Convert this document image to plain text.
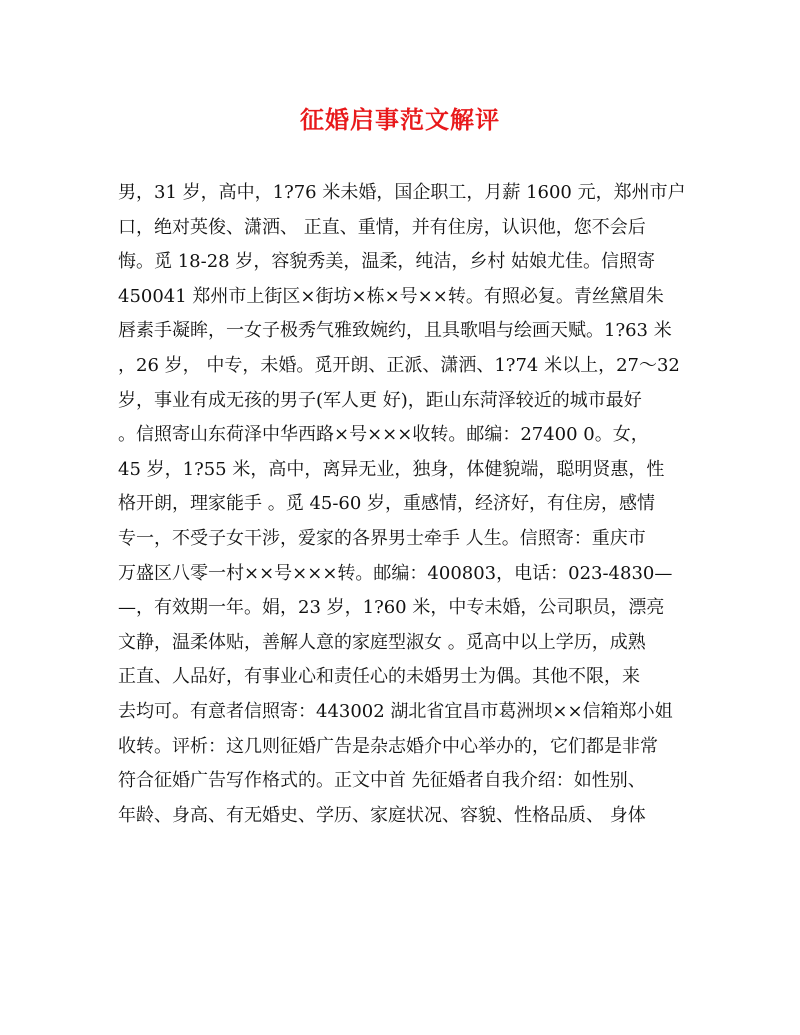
征婚启事范文解评
男，31 岁，高中，1?76 米未婚，国企职工，月薪 1600 元，郑州市户
口，绝对英俊、潇洒、 正直、重情，并有住房，认识他，您不会后
悔。觅 18-28 岁，容貌秀美，温柔，纯洁，乡村 姑娘尤佳。信照寄
450041 郑州市上街区×街坊×栋×号××转。有照必复。青丝黛眉朱
唇素手凝眸，一女子极秀气雅致婉约，且具歌唱与绘画天赋。1?63 米
，26 岁， 中专，未婚。觅开朗、正派、潇洒、1?74 米以上，27～32
岁，事业有成无孩的男子(军人更 好)，距山东菏泽较近的城市最好
。信照寄山东荷泽中华西路×号×××收转。邮编：27400 0。女，
45 岁，1?55 米，高中，离异无业，独身，体健貌端，聪明贤惠，性
格开朗，理家能手 。觅 45-60 岁，重感情，经济好，有住房，感情
专一，不受子女干涉，爱家的各界男士牵手 人生。信照寄：重庆市
万盛区八零一村××号×××转。邮编：400803，电话：023-4830—
—，有效期一年。娟，23 岁，1?60 米，中专未婚，公司职员，漂亮
文静，温柔体贴，善解人意的家庭型淑女 。觅高中以上学历，成熟
正直、人品好，有事业心和责任心的未婚男士为偶。其他不限，来
去均可。有意者信照寄：443002 湖北省宜昌市葛洲坝××信箱郑小姐
收转。评析：这几则征婚广告是杂志婚介中心举办的，它们都是非常
符合征婚广告写作格式的。正文中首 先征婚者自我介绍：如性别、
年龄、身高、有无婚史、学历、家庭状况、容貌、性格品质、 身体
